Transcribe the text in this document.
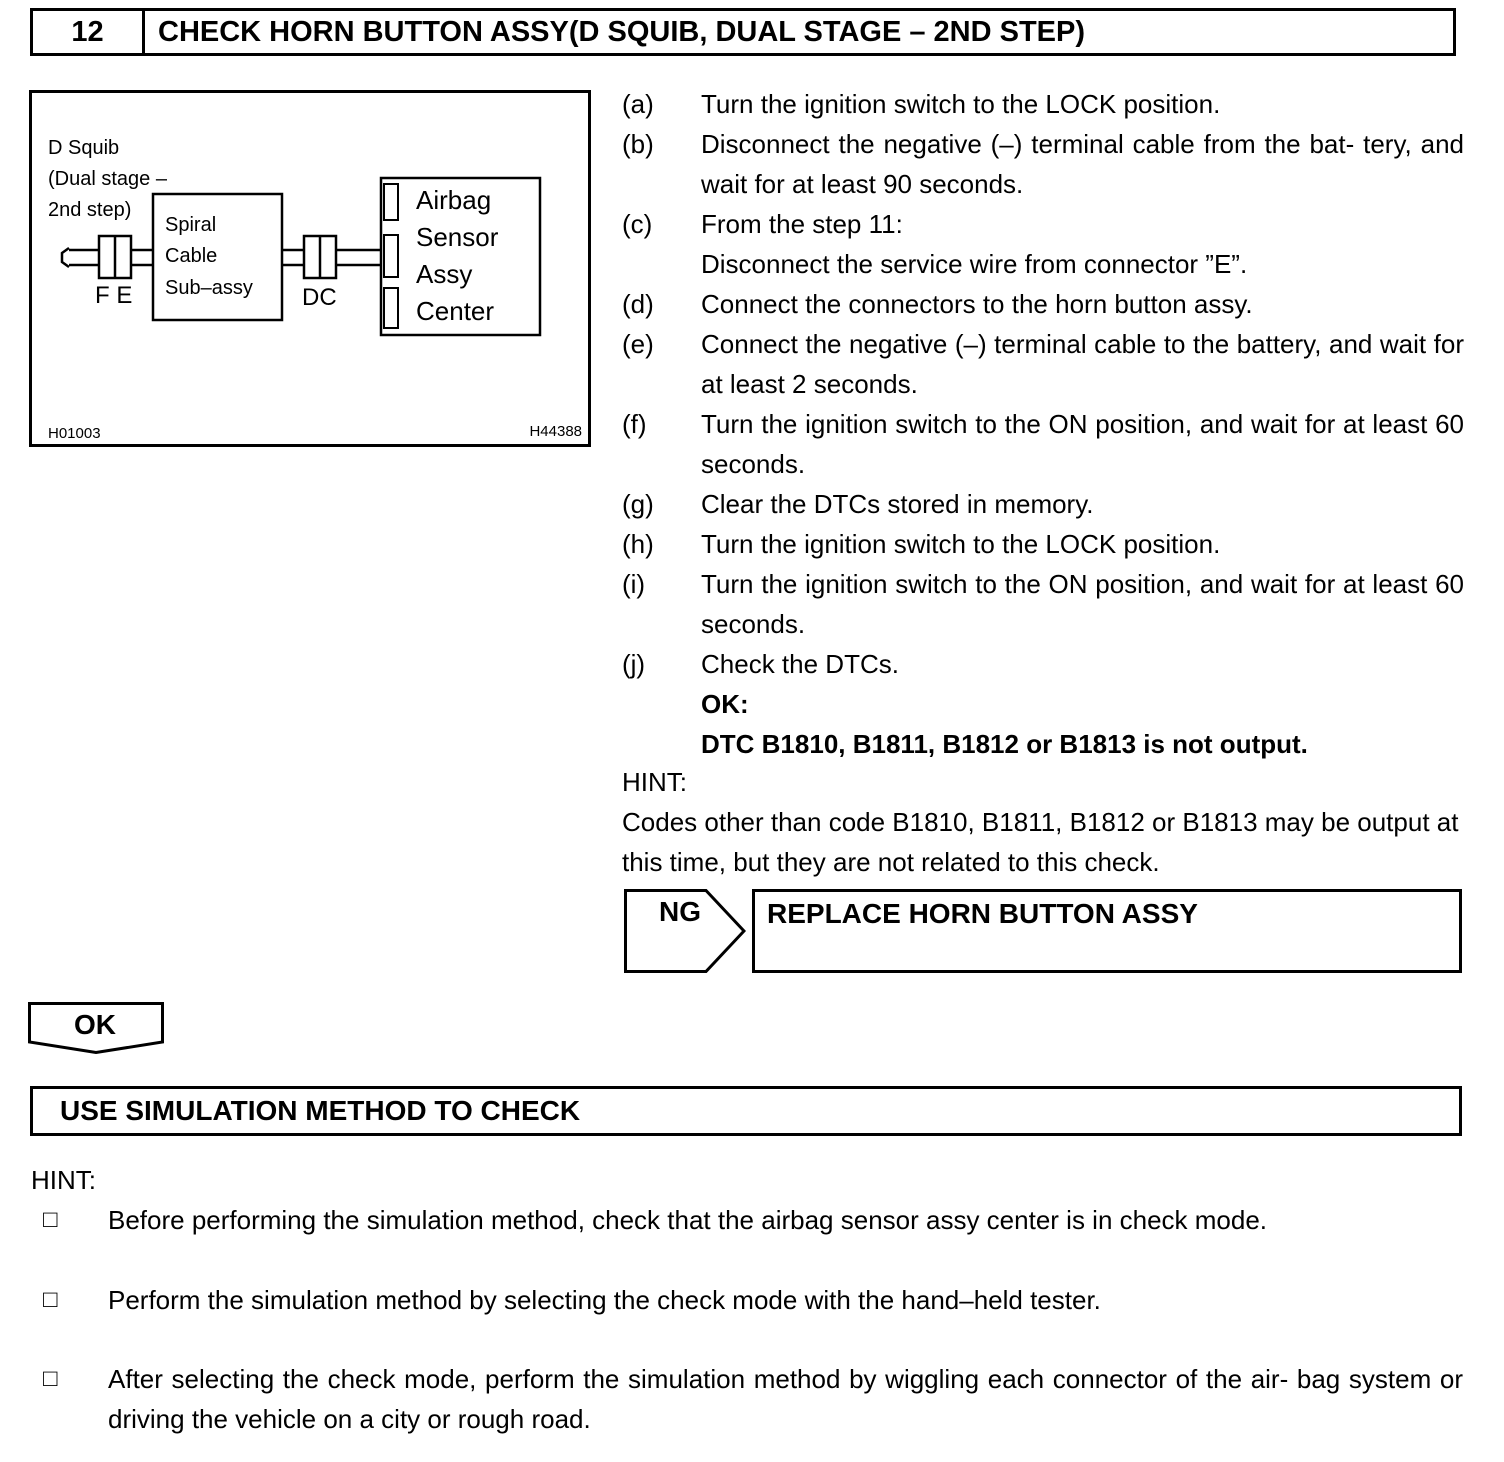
12	CHECK HORN BUTTON ASSY(D SQUIB, DUAL STAGE – 2ND STEP)
D Squib
(Dual stage –
2nd step)
F E
Spiral
Cable
Sub–assy DC
Airbag
Sensor
Assy
Center
H01003	H44388
(a) Turn the ignition switch to the LOCK position.
(b) Disconnect the negative (–) terminal cable from the bat- tery, and wait for at least 90 seconds.
(c) From the step 11:
Disconnect the service wire from connector ”E”.
(d) Connect the connectors to the horn button assy.
(e) Connect the negative (–) terminal cable to the battery, and wait for at least 2 seconds.
(f) Turn the ignition switch to the ON position, and wait for at least 60 seconds.
(g) Clear the DTCs stored in memory.
(h) Turn the ignition switch to the LOCK position.
(i) Turn the ignition switch to the ON position, and wait for at least 60 seconds.
(j) Check the DTCs.
OK:
DTC B1810, B1811, B1812 or B1813 is not output.
HINT:
Codes other than code B1810, B1811, B1812 or B1813 may be output at this time, but they are not related to this check.
NG	REPLACE HORN BUTTON ASSY
OK
USE SIMULATION METHOD TO CHECK
HINT:
□ Before performing the simulation method, check that the airbag sensor assy center is in check mode.
□ Perform the simulation method by selecting the check mode with the hand–held tester.
□ After selecting the check mode, perform the simulation method by wiggling each connector of the air- bag system or driving the vehicle on a city or rough road.
